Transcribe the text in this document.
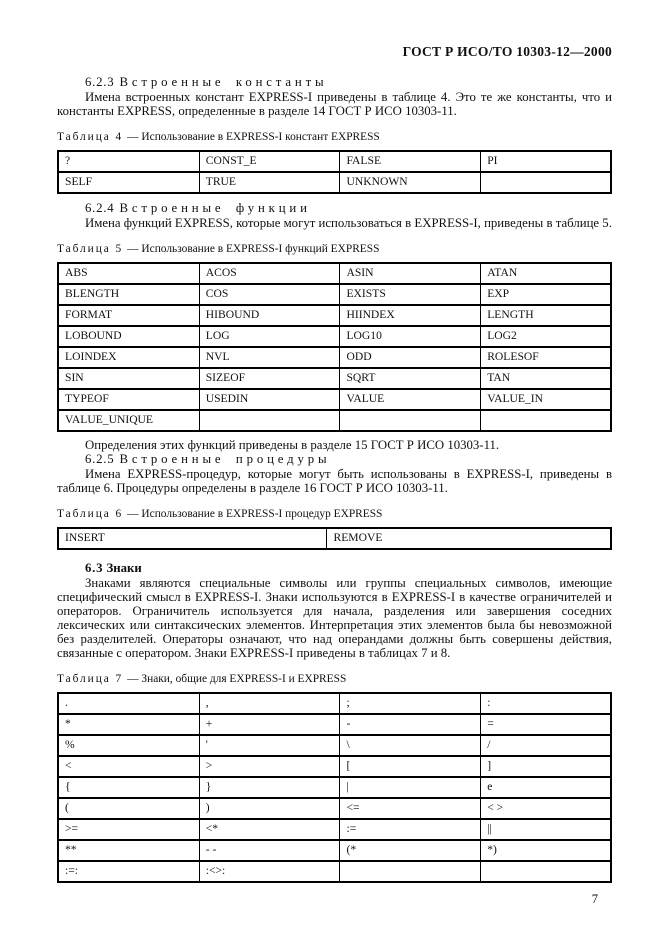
ГОСТ Р ИСО/ТО 10303-12—2000
6.2.3 Встроенные константы

Имена встроенных констант EXPRESS-I приведены в таблице 4. Это те же константы, что и константы EXPRESS, определенные в разделе 14 ГОСТ Р ИСО 10303-11.

Таблица 4 — Использование в EXPRESS-I констант EXPRESS
?	CONST_E	FALSE	PI
SELF	TRUE	UNKNOWN	
6.2.4 Встроенные функции

Имена функций EXPRESS, которые могут использоваться в EXPRESS-I, приведены в таблице 5.

Таблица 5 — Использование в EXPRESS-I функций EXPRESS
ABS	ACOS	ASIN	ATAN
BLENGTH	COS	EXISTS	EXP
FORMAT	HIBOUND	HIINDEX	LENGTH
LOBOUND	LOG	LOG10	LOG2
LOINDEX	NVL	ODD	ROLESOF
SIN	SIZEOF	SQRT	TAN
TYPEOF	USEDIN	VALUE	VALUE_IN
VALUE_UNIQUE			

Определения этих функций приведены в разделе 15 ГОСТ Р ИСО 10303-11.

6.2.5 Встроенные процедуры

Имена EXPRESS-процедур, которые могут быть использованы в EXPRESS-I, приведены в таблице 6. Процедуры определены в разделе 16 ГОСТ Р ИСО 10303-11.

Таблица 6 — Использование в EXPRESS-I процедур EXPRESS
INSERT	REMOVE
6.3 Знаки

Знаками являются специальные символы или группы специальных символов, имеющие специфический смысл в EXPRESS-I. Знаки используются в EXPRESS-I в качестве ограничителей и операторов. Ограничитель используется для начала, разделения или завершения соседних лексических или синтаксических элементов. Интерпретация этих элементов была бы невозможной без разделителей. Операторы означают, что над операндами должны быть совершены действия, связанные с оператором. Знаки EXPRESS-I приведены в таблицах 7 и 8.

Таблица 7 — Знаки, общие для EXPRESS-I и EXPRESS
.	,	;	:
*	+	-	=
%	'	\	/
<	>	[	]
{	}	|	e
(	)	<=	< >
>=	<*	:=	||
**	- -	(*	*)
:=:	:<>:		
7
